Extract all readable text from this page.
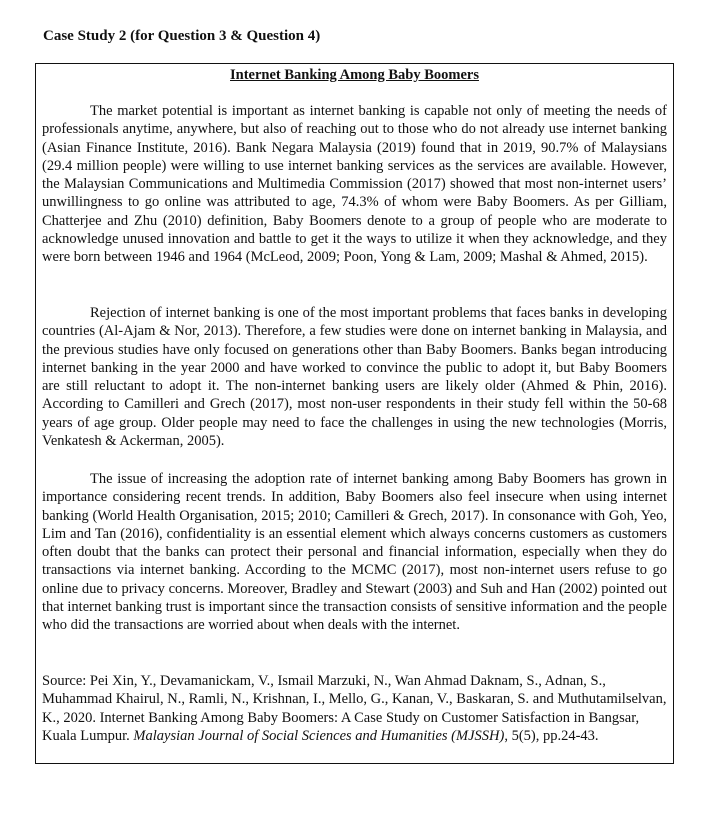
Case Study 2 (for Question 3 & Question 4)
Internet Banking Among Baby Boomers

The market potential is important as internet banking is capable not only of meeting the needs of professionals anytime, anywhere, but also of reaching out to those who do not already use internet banking (Asian Finance Institute, 2016). Bank Negara Malaysia (2019) found that in 2019, 90.7% of Malaysians (29.4 million people) were willing to use internet banking services as the services are available. However, the Malaysian Communications and Multimedia Commission (2017) showed that most non-internet users’ unwillingness to go online was attributed to age, 74.3% of whom were Baby Boomers. As per Gilliam, Chatterjee and Zhu (2010) definition, Baby Boomers denote to a group of people who are moderate to acknowledge unused innovation and battle to get it the ways to utilize it when they acknowledge, and they were born between 1946 and 1964 (McLeod, 2009; Poon, Yong & Lam, 2009; Mashal & Ahmed, 2015).

Rejection of internet banking is one of the most important problems that faces banks in developing countries (Al-Ajam & Nor, 2013). Therefore, a few studies were done on internet banking in Malaysia, and the previous studies have only focused on generations other than Baby Boomers. Banks began introducing internet banking in the year 2000 and have worked to convince the public to adopt it, but Baby Boomers are still reluctant to adopt it. The non-internet banking users are likely older (Ahmed & Phin, 2016). According to Camilleri and Grech (2017), most non-user respondents in their study fell within the 50-68 years of age group. Older people may need to face the challenges in using the new technologies (Morris, Venkatesh & Ackerman, 2005).

The issue of increasing the adoption rate of internet banking among Baby Boomers has grown in importance considering recent trends. In addition, Baby Boomers also feel insecure when using internet banking (World Health Organisation, 2015; 2010; Camilleri & Grech, 2017). In consonance with Goh, Yeo, Lim and Tan (2016), confidentiality is an essential element which always concerns customers as customers often doubt that the banks can protect their personal and financial information, especially when they do transactions via internet banking. According to the MCMC (2017), most non-internet users refuse to go online due to privacy concerns. Moreover, Bradley and Stewart (2003) and Suh and Han (2002) pointed out that internet banking trust is important since the transaction consists of sensitive information and the people who did the transactions are worried about when deals with the internet.

Source: Pei Xin, Y., Devamanickam, V., Ismail Marzuki, N., Wan Ahmad Daknam, S., Adnan, S., Muhammad Khairul, N., Ramli, N., Krishnan, I., Mello, G., Kanan, V., Baskaran, S. and Muthutamilselvan, K., 2020. Internet Banking Among Baby Boomers: A Case Study on Customer Satisfaction in Bangsar, Kuala Lumpur. Malaysian Journal of Social Sciences and Humanities (MJSSH), 5(5), pp.24-43.
